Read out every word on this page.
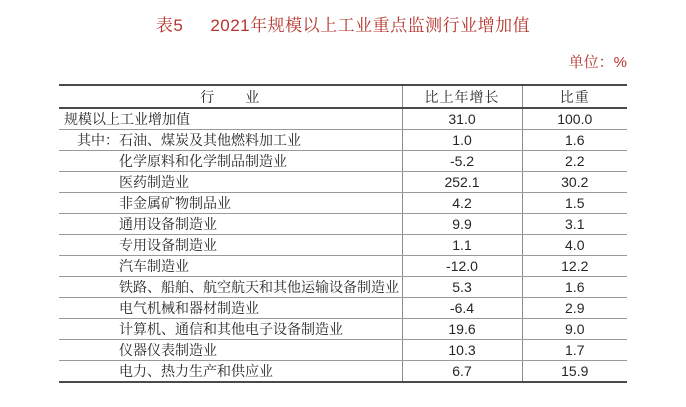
表5 2021年规模以上工业重点监测行业增加值
单位：%
行　　业	比上年增长	比重
规模以上工业增加值	31.0	100.0
其中：石油、煤炭及其他燃料加工业	1.0	1.6
化学原料和化学制品制造业	-5.2	2.2
医药制造业	252.1	30.2
非金属矿物制品业	4.2	1.5
通用设备制造业	9.9	3.1
专用设备制造业	1.1	4.0
汽车制造业	-12.0	12.2
铁路、船舶、航空航天和其他运输设备制造业	5.3	1.6
电气机械和器材制造业	-6.4	2.9
计算机、通信和其他电子设备制造业	19.6	9.0
仪器仪表制造业	10.3	1.7
电力、热力生产和供应业	6.7	15.9
